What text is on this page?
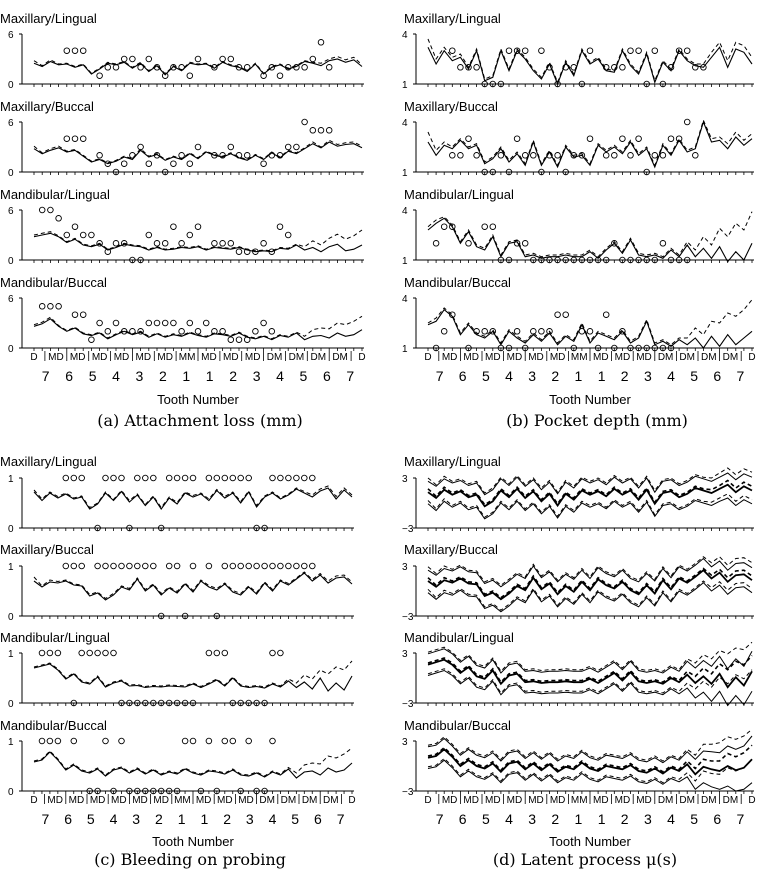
Maxillary/Lingual
6
0
Maxillary/Buccal
6
0
Mandibular/Lingual
6
0
Mandibular/Buccal
6
0
D MD MD MD MD MD MD MM MD MD MD DM DM DM DM D
7 6 5 4 3 2 1 1 2 3 4 5 6 7
Tooth Number
Maxillary/Lingual
4
1
Maxillary/Buccal
4
1
Mandibular/Lingual
4
1
Mandibular/Buccal
4
1
D MD MD MD MD MD MD MM MD MD MD DM DM DM DM D
7 6 5 4 3 2 1 1 2 3 4 5 6 7
Tooth Number
Maxillary/Lingual
1
0
Maxillary/Buccal
1
0
Mandibular/Lingual
1
0
Mandibular/Buccal
1
0
D MD MD MD MD MD MD MM MD MD MD DM DM DM DM D
7 6 5 4 3 2 1 1 2 3 4 5 6 7
Tooth Number
Maxillary/Lingual
3
−3
Maxillary/Buccal
3
−3
Mandibular/Lingual
3
−3
Mandibular/Buccal
3
−3
D MD MD MD MD MD MD MM MD MD MD DM DM DM DM D
7 6 5 4 3 2 1 1 2 3 4 5 6 7
Tooth Number
(a) Attachment loss (mm)	(b) Pocket depth (mm)
(c) Bleeding on probing	(d) Latent process μ(s)
